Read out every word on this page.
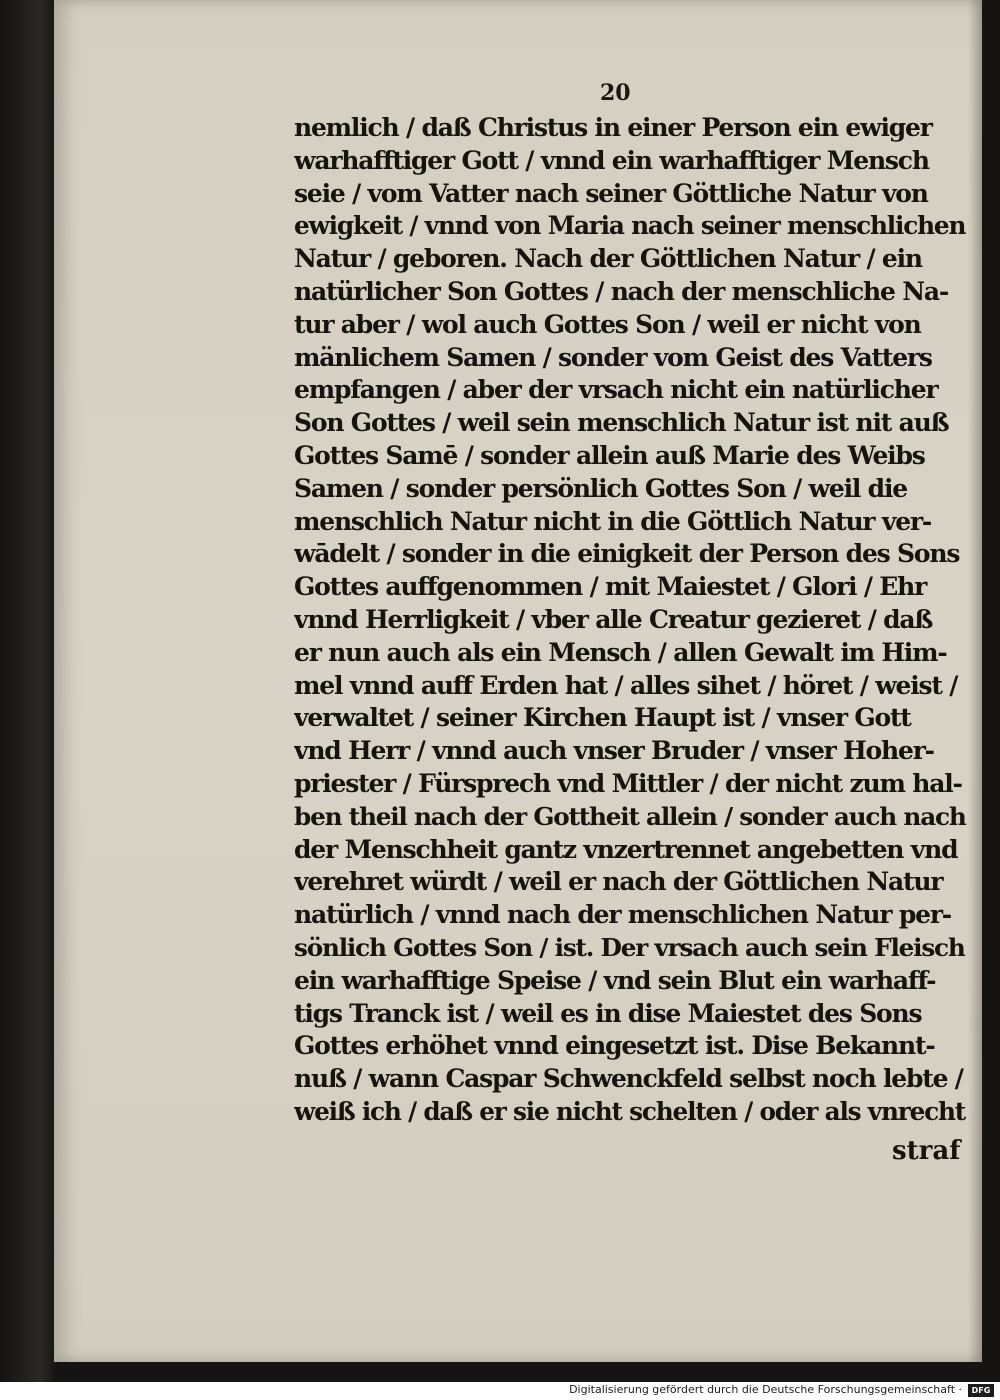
20
nemlich / daß Christus in einer Person ein ewiger
warhafftiger Gott / vnnd ein warhafftiger Mensch
seie / vom Vatter nach seiner Göttliche Natur von
ewigkeit / vnnd von Maria nach seiner menschlichen
Natur / geboren. Nach der Göttlichen Natur / ein
natürlicher Son Gottes / nach der menschliche Na-
tur aber / wol auch Gottes Son / weil er nicht von
mänlichem Samen / sonder vom Geist des Vatters
empfangen / aber der vrsach nicht ein natürlicher
Son Gottes / weil sein menschlich Natur ist nit auß
Gottes Samē / sonder allein auß Marie des Weibs
Samen / sonder persönlich Gottes Son / weil die
menschlich Natur nicht in die Göttlich Natur ver-
wādelt / sonder in die einigkeit der Person des Sons
Gottes auffgenommen / mit Maiestet / Glori / Ehr
vnnd Herrligkeit / vber alle Creatur gezieret / daß
er nun auch als ein Mensch / allen Gewalt im Him-
mel vnnd auff Erden hat / alles sihet / höret / weist /
verwaltet / seiner Kirchen Haupt ist / vnser Gott
vnd Herr / vnnd auch vnser Bruder / vnser Hoher-
priester / Fürsprech vnd Mittler / der nicht zum hal-
ben theil nach der Gottheit allein / sonder auch nach
der Menschheit gantz vnzertrennet angebetten vnd
verehret würdt / weil er nach der Göttlichen Natur
natürlich / vnnd nach der menschlichen Natur per-
sönlich Gottes Son / ist. Der vrsach auch sein Fleisch
ein warhafftige Speise / vnd sein Blut ein warhaff-
tigs Tranck ist / weil es in dise Maiestet des Sons
Gottes erhöhet vnnd eingesetzt ist. Dise Bekannt-
nuß / wann Caspar Schwenckfeld selbst noch lebte /
weiß ich / daß er sie nicht schelten / oder als vnrecht
straf
Digitalisierung gefördert durch die Deutsche Forschungsgemeinschaft ·	DFG
